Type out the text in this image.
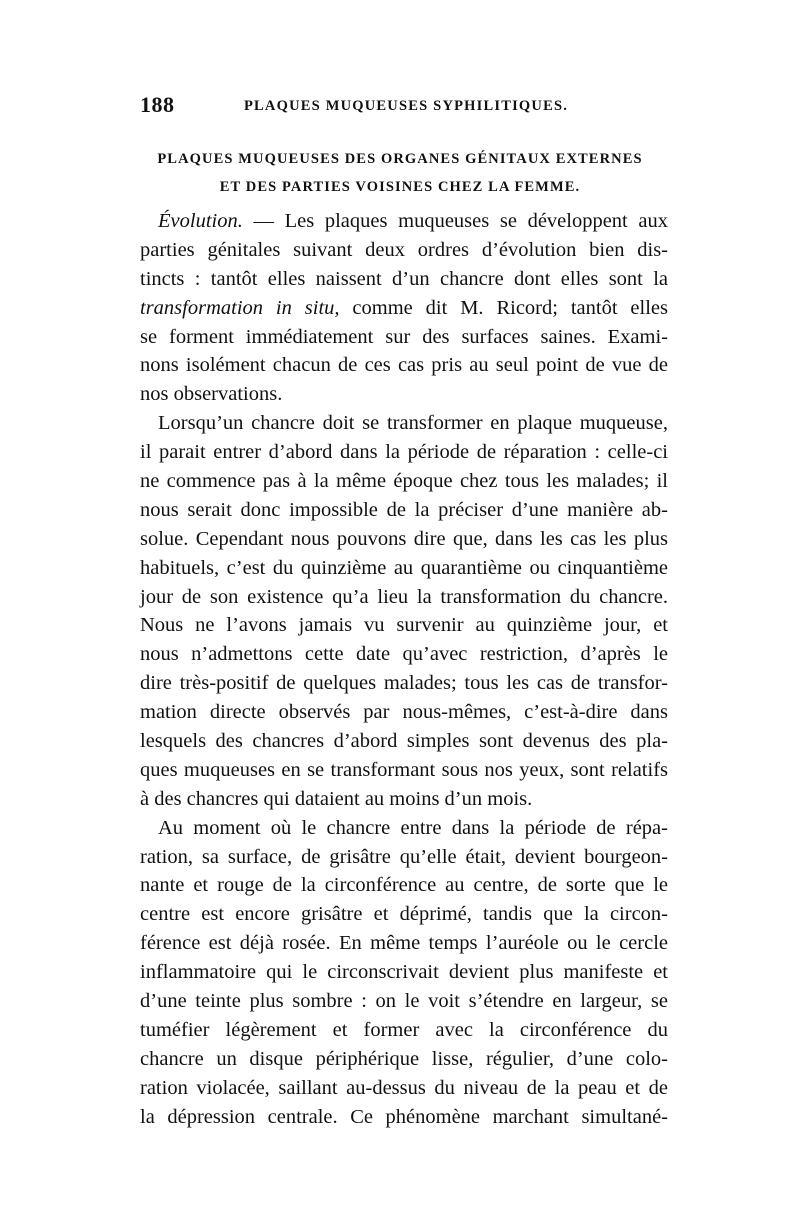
188	PLAQUES MUQUEUSES SYPHILITIQUES.
PLAQUES MUQUEUSES DES ORGANES GÉNITAUX EXTERNES
ET DES PARTIES VOISINES CHEZ LA FEMME.
Évolution. — Les plaques muqueuses se développent aux
parties génitales suivant deux ordres d’évolution bien dis-
tincts : tantôt elles naissent d’un chancre dont elles sont la
transformation in situ, comme dit M. Ricord; tantôt elles
se forment immédiatement sur des surfaces saines. Exami-
nons isolément chacun de ces cas pris au seul point de vue de
nos observations.
Lorsqu’un chancre doit se transformer en plaque muqueuse,
il parait entrer d’abord dans la période de réparation : celle-ci
ne commence pas à la même époque chez tous les malades; il
nous serait donc impossible de la préciser d’une manière ab-
solue. Cependant nous pouvons dire que, dans les cas les plus
habituels, c’est du quinzième au quarantième ou cinquantième
jour de son existence qu’a lieu la transformation du chancre.
Nous ne l’avons jamais vu survenir au quinzième jour, et
nous n’admettons cette date qu’avec restriction, d’après le
dire très-positif de quelques malades; tous les cas de transfor-
mation directe observés par nous-mêmes, c’est-à-dire dans
lesquels des chancres d’abord simples sont devenus des pla-
ques muqueuses en se transformant sous nos yeux, sont relatifs
à des chancres qui dataient au moins d’un mois.
Au moment où le chancre entre dans la période de répa-
ration, sa surface, de grisâtre qu’elle était, devient bourgeon-
nante et rouge de la circonférence au centre, de sorte que le
centre est encore grisâtre et déprimé, tandis que la circon-
férence est déjà rosée. En même temps l’auréole ou le cercle
inflammatoire qui le circonscrivait devient plus manifeste et
d’une teinte plus sombre : on le voit s’étendre en largeur, se
tuméfier légèrement et former avec la circonférence du
chancre un disque périphérique lisse, régulier, d’une colo-
ration violacée, saillant au-dessus du niveau de la peau et de
la dépression centrale. Ce phénomène marchant simultané-
